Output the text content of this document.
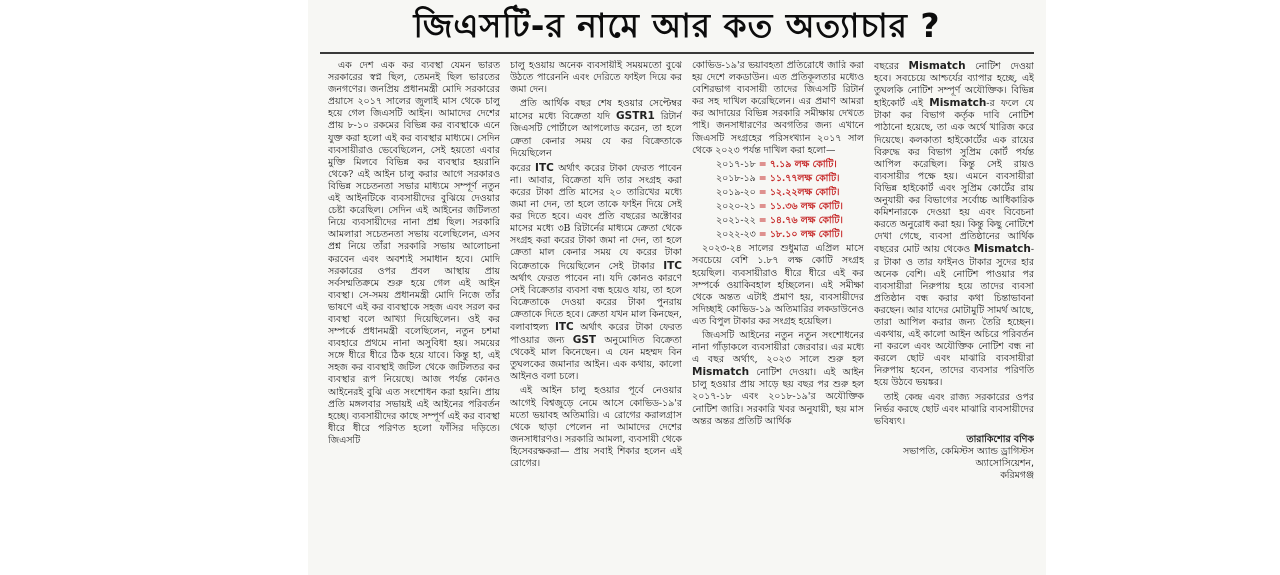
জিএসটি-র নামে আর কত অত্যাচার ?

এক দেশ এক কর ব্যবস্থা যেমন ভারত সরকারের স্বপ্ন ছিল, তেমনই ছিল ভারতের জনগণের। জনপ্রিয় প্রধানমন্ত্রী মোদি সরকারের প্রয়াসে ২০১৭ সালের জুলাই মাস থেকে চালু হয়ে গেল জিএসটি আইন। আমাদের দেশের প্রায় ৮-১০ রকমের বিভিন্ন কর ব্যবস্থাকে এনে যুক্ত করা হলো এই কর ব্যবস্থার মাধ্যমে। সেদিন ব্যবসায়ীরাও ভেবেছিলেন, সেই হয়তো এবার মুক্তি মিলবে বিভিন্ন কর ব্যবস্থার হয়রানি থেকে? এই আইন চালু করার আগে সরকারও বিভিন্ন সচেতনতা সভার মাধ্যমে সম্পূর্ণ নতুন এই আইনটিকে ব্যবসায়ীদের বুঝিয়ে দেওয়ার চেষ্টা করেছিল। সেদিন এই আইনের জটিলতা নিয়ে ব্যবসায়ীদের নানা প্রশ্ন ছিল। সরকারি আমলারা সচেতনতা সভায় বলেছিলেন, এসব প্রশ্ন নিয়ে তাঁরা সরকারি সভায় আলোচনা করবেন এবং অবশ্যই সমাধান হবে। মোদি সরকারের ওপর প্রবল আস্থায় প্রায় সর্বসম্মতিক্রমে শুরু হয়ে গেল এই আইন ব্যবস্থা। সে-সময় প্রধানমন্ত্রী মোদি নিজে তাঁর ভাষণে এই কর ব্যবস্থাকে সহজ এবং সরল কর ব্যবস্থা বলে আখ্যা দিয়েছিলেন। ওই কর সম্পর্কে প্রধানমন্ত্রী বলেছিলেন, নতুন চশমা ব্যবহারে প্রথমে নানা অসুবিধা হয়। সময়ের সঙ্গে ধীরে ধীরে ঠিক হয়ে যাবে। কিন্তু হা, এই সহজ কর ব্যবস্থাই জটিল থেকে জটিলতর কর ব্যবস্থার রূপ নিয়েছে। আজ পর্যন্ত কোনও আইনেরই বুঝি এত সংশোধন করা হয়নি। প্রায় প্রতি মঙ্গলবার সভায়ই এই আইনের পরিবর্তন হচ্ছে। ব্যবসায়ীদের কাছে সম্পূর্ণ এই কর ব্যবস্থা ধীরে ধীরে পরিণত হলো ফাঁসির দড়িতে। জিএসটি

চালু হওয়ায় অনেক ব্যবসায়ীই সময়মতো বুঝে উঠতে পারেননি এবং দেরিতে ফাইল দিয়ে কর জমা দেন।

প্রতি আর্থিক বছর শেষ হওয়ার সেপ্টেম্বর মাসের মধ্যে বিক্রেতা যদি GSTR1 রিটার্ন জিএসটি পোর্টালে আপলোড করেন, তা হলে ক্রেতা কেনার সময় যে কর বিক্রেতাকে দিয়েছিলেন

করের ITC অর্থাৎ করের টাকা ফেরত পাবেন না। আবার, বিক্রেতা যদি তার সংগ্রহ করা করের টাকা প্রতি মাসের ২০ তারিখের মধ্যে জমা না দেন, তা হলে তাকে ফাইন দিয়ে সেই কর দিতে হবে। এবং প্রতি বছরের অক্টোবর মাসের মধ্যে ৩B রিটার্নের মাধ্যমে ক্রেতা থেকে সংগ্রহ করা করের টাকা জমা না দেন, তা হলে ক্রেতা মাল কেনার সময় যে করের টাকা বিক্রেতাকে দিয়েছিলেন সেই টাকার ITC অর্থাৎ ফেরত পাবেন না। যদি কোনও কারণে সেই বিক্রেতার ব্যবসা বন্ধ হয়েও যায়, তা হলে বিক্রেতাকে দেওয়া করের টাকা পুনরায় ক্রেতাকে দিতে হবে। ক্রেতা যখন মাল কিনছেন, বলাবাহুল্য ITC অর্থাৎ করের টাকা ফেরত পাওয়ার জন্য GST অনুমোদিত বিক্রেতা থেকেই মাল কিনেছেন। এ যেন মহম্মদ বিন তুঘলকের জমানার আইন। এক কথায়, কালো আইনও বলা চলে।

এই আইন চালু হওয়ার পূর্বে নেওয়ার আগেই বিশ্বজুড়ে নেমে আসে কোভিড-১৯'র মতো ভয়াবহ অতিমারি। এ রোগের করালগ্রাস থেকে ছাড়া পেলেন না আমাদের দেশের জনসাধারণও। সরকারি আমলা, ব্যবসায়ী থেকে হিসেবরক্ষকরা— প্রায় সবাই শিকার হলেন এই রোগের।

কোভিড-১৯'র ভয়াবহতা প্রতিরোধে জারি করা হয় দেশে লকডাউন। এত প্রতিকূলতার মধ্যেও বেশিরভাগ ব্যবসায়ী তাদের জিএসটি রিটার্ন কর সহ দাখিল করেছিলেন। এর প্রমাণ আমরা কর আদায়ের বিভিন্ন সরকারি সমীক্ষায় দেখতে পাই। জনসাধারণের অবগতির জন্য এখানে জিএসটি সংগ্রহের পরিসংখ্যান ২০১৭ সাল থেকে ২০২৩ পর্যন্ত দাখিল করা হলো—

২০১৭-১৮ = ৭.১৯ লক্ষ কোটি।

২০১৮-১৯ = ১১.৭৭লক্ষ কোটি।

২০১৯-২০ = ১২.২২লক্ষ কোটি।

২০২০-২১ = ১১.৩৬ লক্ষ কোটি।

২০২১-২২ = ১৪.৭৬ লক্ষ কোটি।

২০২২-২৩ = ১৮.১০ লক্ষ কোটি।

২০২৩-২৪ সালের শুধুমাত্র এপ্রিল মাসে সবচেয়ে বেশি ১.৮৭ লক্ষ কোটি সংগ্রহ হয়েছিল। ব্যবসায়ীরাও ধীরে ধীরে এই কর সম্পর্কে ওয়াকিবহাল হচ্ছিলেন। এই সমীক্ষা থেকে অন্তত এটাই প্রমাণ হয়, ব্যবসায়ীদের সদিচ্ছাই কোভিড-১৯ অতিমারির লকডাউনেও এত বিপুল টাকার কর সংগ্রহ হয়েছিল।

জিএসটি আইনের নতুন নতুন সংশোধনের নানা গাঁড়াকলে ব্যবসায়ীরা জেরবার। এর মধ্যে এ বছর অর্থাৎ, ২০২৩ সালে শুরু হল Mismatch নোটিশ দেওয়া। এই আইন চালু হওয়ার প্রায় সাড়ে ছয় বছর পর শুরু হল ২০১৭-১৮ এবং ২০১৮-১৯'র অযৌক্তিক নোটিশ জারি। সরকারি খবর অনুযায়ী, ছয় মাস অন্তর অন্তর প্রতিটি আর্থিক

বছরের Mismatch নোটিশ দেওয়া হবে। সবচেয়ে আশ্চর্যের ব্যাপার হচ্ছে, এই তুঘলকি নোটিশ সম্পূর্ণ অযৌক্তিক। বিভিন্ন হাইকোর্ট এই Mismatch-র ফলে যে টাকা কর বিভাগ কর্তৃক দাবি নোটিশ পাঠানো হয়েছে, তা এক অর্থে খারিজ করে দিয়েছে। কলকাতা হাইকোর্টের এক রায়ের বিরুদ্ধে কর বিভাগ সুপ্রিম কোর্ট পর্যন্ত আপিল করেছিল। কিন্তু সেই রায়ও ব্যবসায়ীর পক্ষে হয়। এমনে ব্যবসায়ীরা বিভিন্ন হাইকোর্ট এবং সুপ্রিম কোর্টের রায় অনুযায়ী কর বিভাগের সর্বোচ্চ আধিকারিক কমিশনারকে দেওয়া হয় এবং বিবেচনা করতে অনুরোধ করা হয়। কিন্তু কিছু নোটিশে দেখা গেছে, ব্যবসা প্রতিষ্ঠানের আর্থিক বছরের মোট আয় থেকেও Mismatch-র টাকা ও তার ফাইনও টাকার সুদের হার অনেক বেশি। এই নোটিশ পাওয়ার পর ব্যবসায়ীরা নিরুপায় হয়ে তাদের ব্যবসা প্রতিষ্ঠান বন্ধ করার কথা চিন্তাভাবনা করছেন। আর যাদের মোটামুটি সামর্থ আছে, তারা আপিল করার জন্য তৈরি হচ্ছেন। একথায়, এই কালো আইন অচিরে পরিবর্তন না করলে এবং অযৌক্তিক নোটিশ বন্ধ না করলে ছোট এবং মাঝারি ব্যবসায়ীরা নিরুপায় হবেন, তাদের ব্যবসার পরিণতি হয়ে উঠবে ভয়ঙ্কর।

তাই কেন্দ্র এবং রাজ্য সরকারের ওপর নির্ভর করছে ছোট এবং মাঝারি ব্যবসায়ীদের ভবিষ্যৎ।

তারাকিশোর বণিক
সভাপতি, কেমিস্টস অ্যান্ড ড্রাগিস্টস অ্যাসোসিয়েশন,
করিমগঞ্জ
